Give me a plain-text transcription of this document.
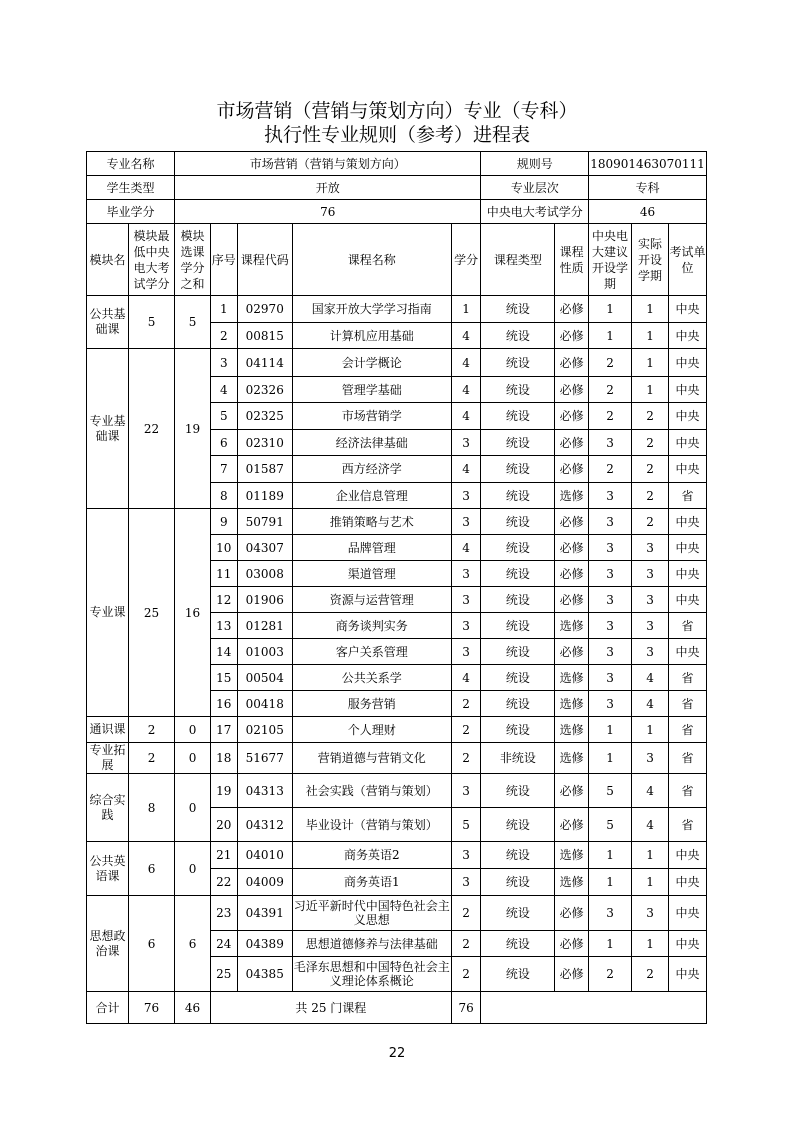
市场营销（营销与策划方向）专业（专科）
执行性专业规则（参考）进程表
专业名称		市场营销（营销与策划方向）					规则号		180901463070111		
学生类型		开放					专业层次		专科		
毕业学分		76					中央电大考试学分		46		
模块名	模块最低中央电大考试学分	模块选课学分之和	序号	课程代码	课程名称	学分	课程类型	课程性质	中央电大建议开设学期	实际开设学期	考试单位
公共基础课	5	5	1	02970	国家开放大学学习指南	1	统设	必修	1	1	中央
			2	00815	计算机应用基础	4	统设	必修	1	1	中央
专业基础课	22	19	3	04114	会计学概论	4	统设	必修	2	1	中央
			4	02326	管理学基础	4	统设	必修	2	1	中央
			5	02325	市场营销学	4	统设	必修	2	2	中央
			6	02310	经济法律基础	3	统设	必修	3	2	中央
			7	01587	西方经济学	4	统设	必修	2	2	中央
			8	01189	企业信息管理	3	统设	选修	3	2	省
专业课	25	16	9	50791	推销策略与艺术	3	统设	必修	3	2	中央
			10	04307	品牌管理	4	统设	必修	3	3	中央
			11	03008	渠道管理	3	统设	必修	3	3	中央
			12	01906	资源与运营管理	3	统设	必修	3	3	中央
			13	01281	商务谈判实务	3	统设	选修	3	3	省
			14	01003	客户关系管理	3	统设	必修	3	3	中央
			15	00504	公共关系学	4	统设	选修	3	4	省
			16	00418	服务营销	2	统设	选修	3	4	省
通识课	2	0	17	02105	个人理财	2	统设	选修	1	1	省
专业拓展	2	0	18	51677	营销道德与营销文化	2	非统设	选修	1	3	省
综合实践	8	0	19	04313	社会实践（营销与策划）	3	统设	必修	5	4	省
			20	04312	毕业设计（营销与策划）	5	统设	必修	5	4	省
公共英语课	6	0	21	04010	商务英语2	3	统设	选修	1	1	中央
			22	04009	商务英语1	3	统设	选修	1	1	中央
思想政治课	6	6	23	04391	习近平新时代中国特色社会主义思想	2	统设	必修	3	3	中央
			24	04389	思想道德修养与法律基础	2	统设	必修	1	1	中央
			25	04385	毛泽东思想和中国特色社会主义理论体系概论	2	统设	必修	2	2	中央
合计	76	46	共 25 门课程			76					
22
